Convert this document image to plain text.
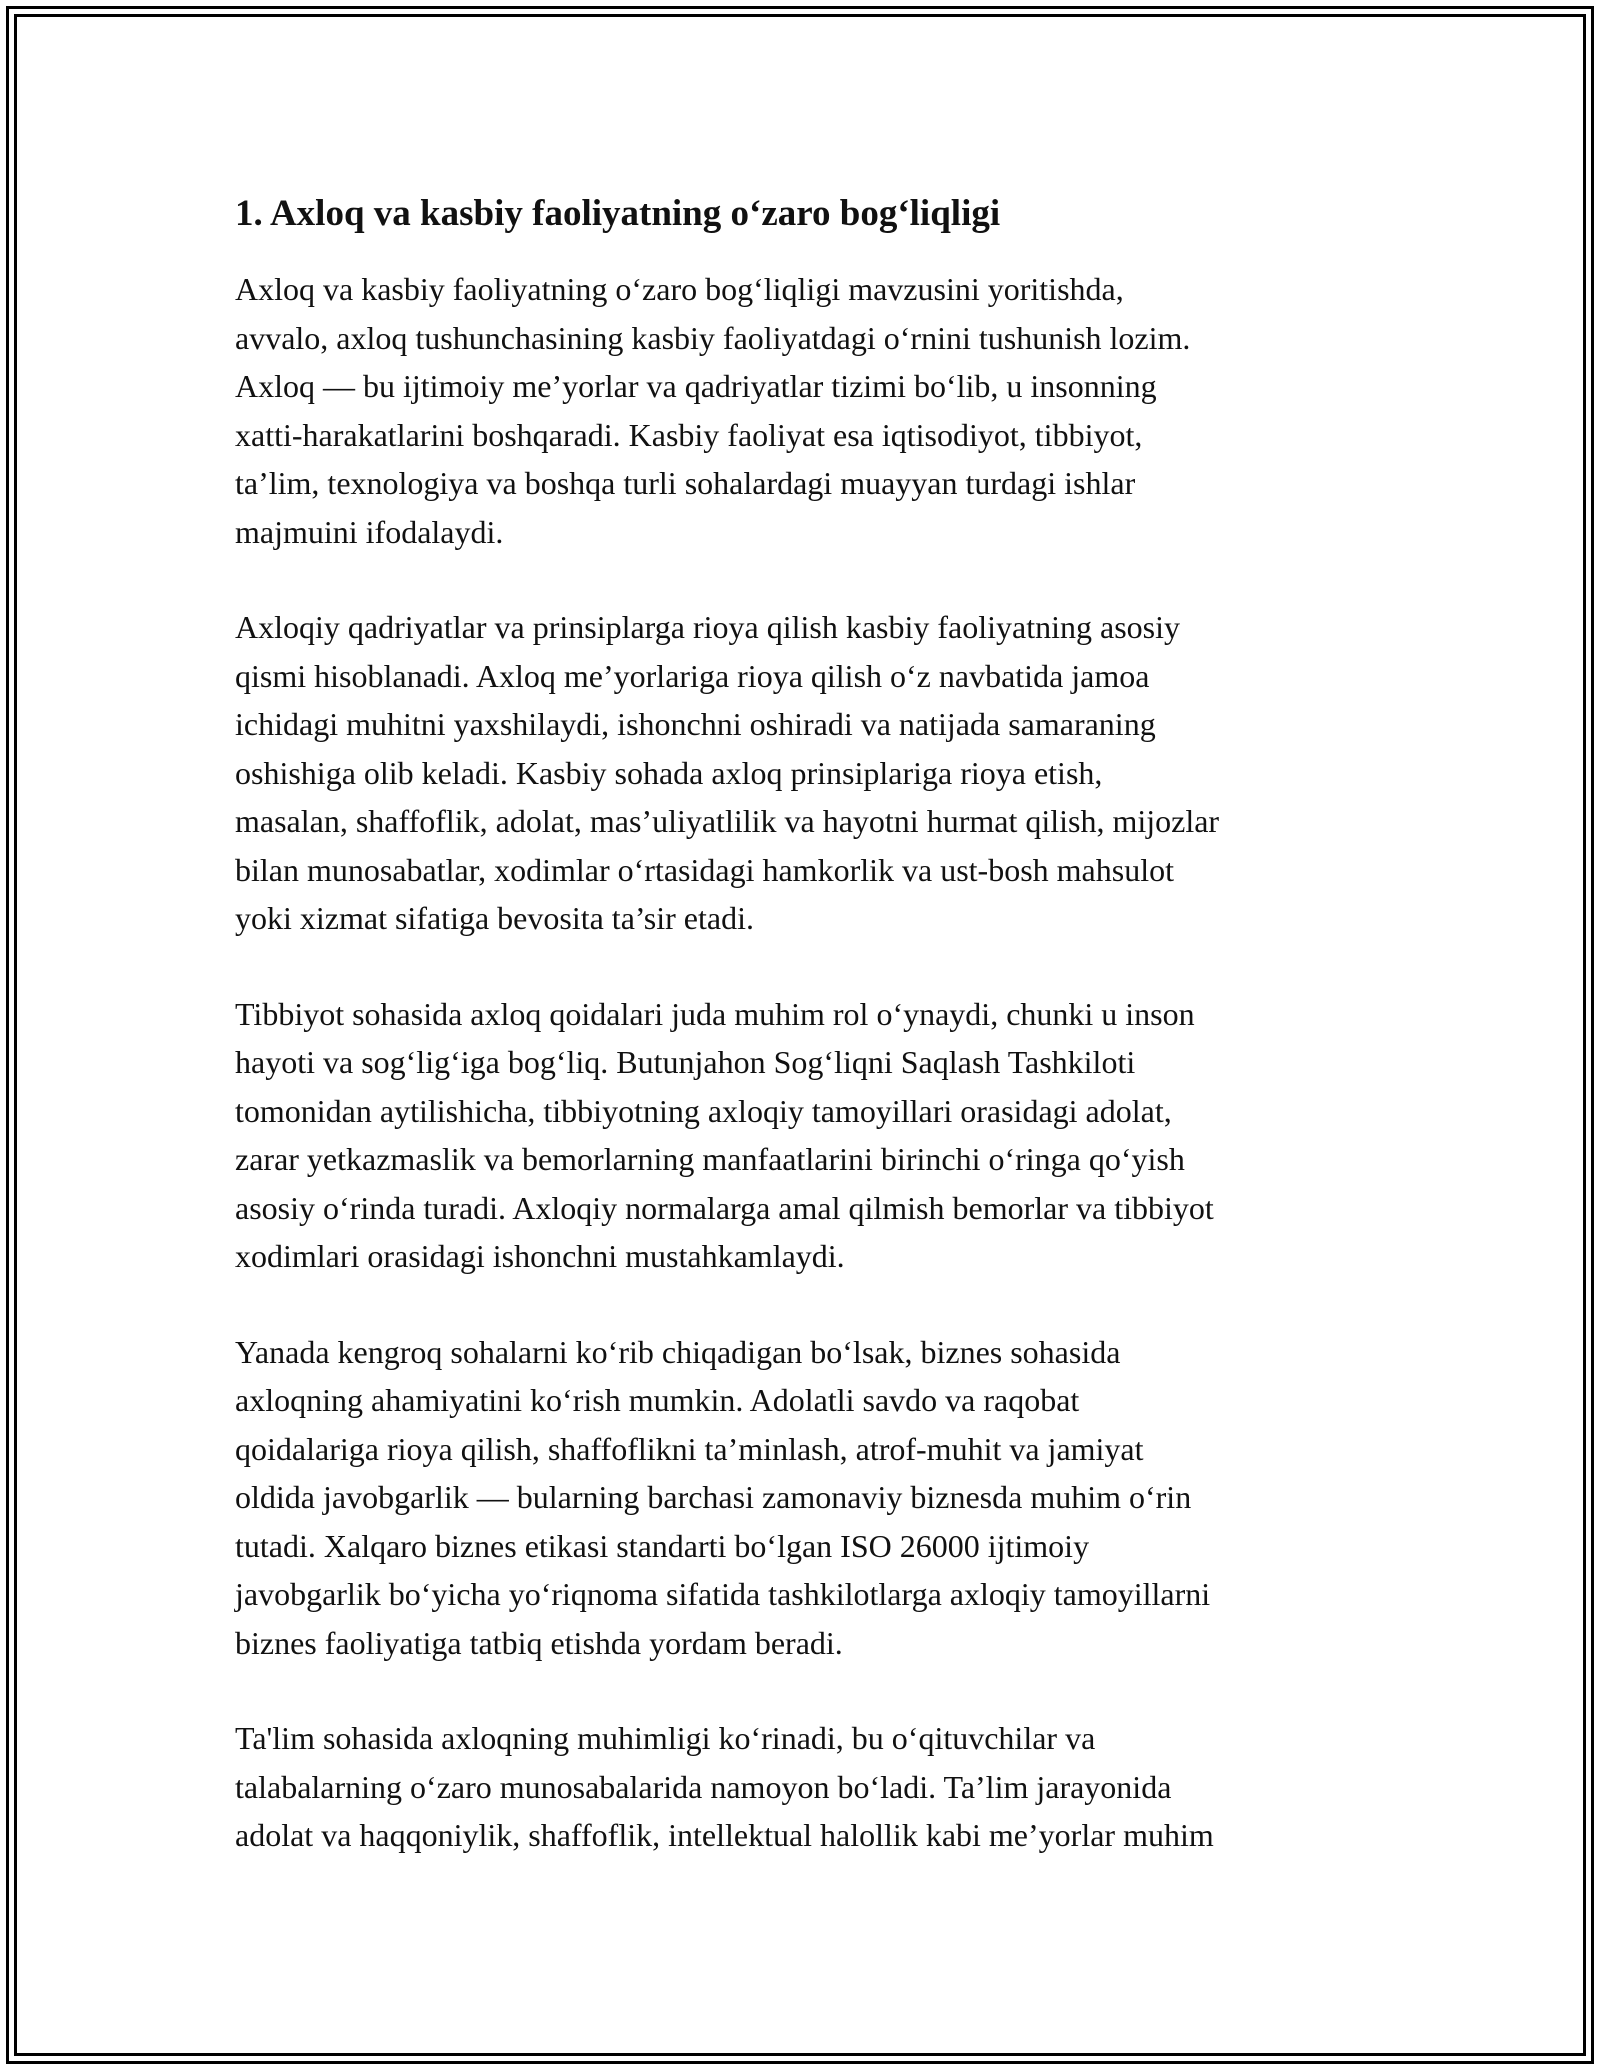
1. Axloq va kasbiy faoliyatning o‘zaro bog‘liqligi

Axloq va kasbiy faoliyatning o‘zaro bog‘liqligi mavzusini yoritishda,
avvalo, axloq tushunchasining kasbiy faoliyatdagi o‘rnini tushunish lozim.
Axloq — bu ijtimoiy me’yorlar va qadriyatlar tizimi bo‘lib, u insonning
xatti-harakatlarini boshqaradi. Kasbiy faoliyat esa iqtisodiyot, tibbiyot,
ta’lim, texnologiya va boshqa turli sohalardagi muayyan turdagi ishlar
majmuini ifodalaydi.

Axloqiy qadriyatlar va prinsiplarga rioya qilish kasbiy faoliyatning asosiy
qismi hisoblanadi. Axloq me’yorlariga rioya qilish o‘z navbatida jamoa
ichidagi muhitni yaxshilaydi, ishonchni oshiradi va natijada samaraning
oshishiga olib keladi. Kasbiy sohada axloq prinsiplariga rioya etish,
masalan, shaffoflik, adolat, mas’uliyatlilik va hayotni hurmat qilish, mijozlar
bilan munosabatlar, xodimlar o‘rtasidagi hamkorlik va ust-bosh mahsulot
yoki xizmat sifatiga bevosita ta’sir etadi.

Tibbiyot sohasida axloq qoidalari juda muhim rol o‘ynaydi, chunki u inson
hayoti va sog‘lig‘iga bog‘liq. Butunjahon Sog‘liqni Saqlash Tashkiloti
tomonidan aytilishicha, tibbiyotning axloqiy tamoyillari orasidagi adolat,
zarar yetkazmaslik va bemorlarning manfaatlarini birinchi o‘ringa qo‘yish
asosiy o‘rinda turadi. Axloqiy normalarga amal qilmish bemorlar va tibbiyot
xodimlari orasidagi ishonchni mustahkamlaydi.

Yanada kengroq sohalarni ko‘rib chiqadigan bo‘lsak, biznes sohasida
axloqning ahamiyatini ko‘rish mumkin. Adolatli savdo va raqobat
qoidalariga rioya qilish, shaffoflikni ta’minlash, atrof-muhit va jamiyat
oldida javobgarlik — bularning barchasi zamonaviy biznesda muhim o‘rin
tutadi. Xalqaro biznes etikasi standarti bo‘lgan ISO 26000 ijtimoiy
javobgarlik bo‘yicha yo‘riqnoma sifatida tashkilotlarga axloqiy tamoyillarni
biznes faoliyatiga tatbiq etishda yordam beradi.

Ta'lim sohasida axloqning muhimligi ko‘rinadi, bu o‘qituvchilar va
talabalarning o‘zaro munosabalarida namoyon bo‘ladi. Ta’lim jarayonida
adolat va haqqoniylik, shaffoflik, intellektual halollik kabi me’yorlar muhim
